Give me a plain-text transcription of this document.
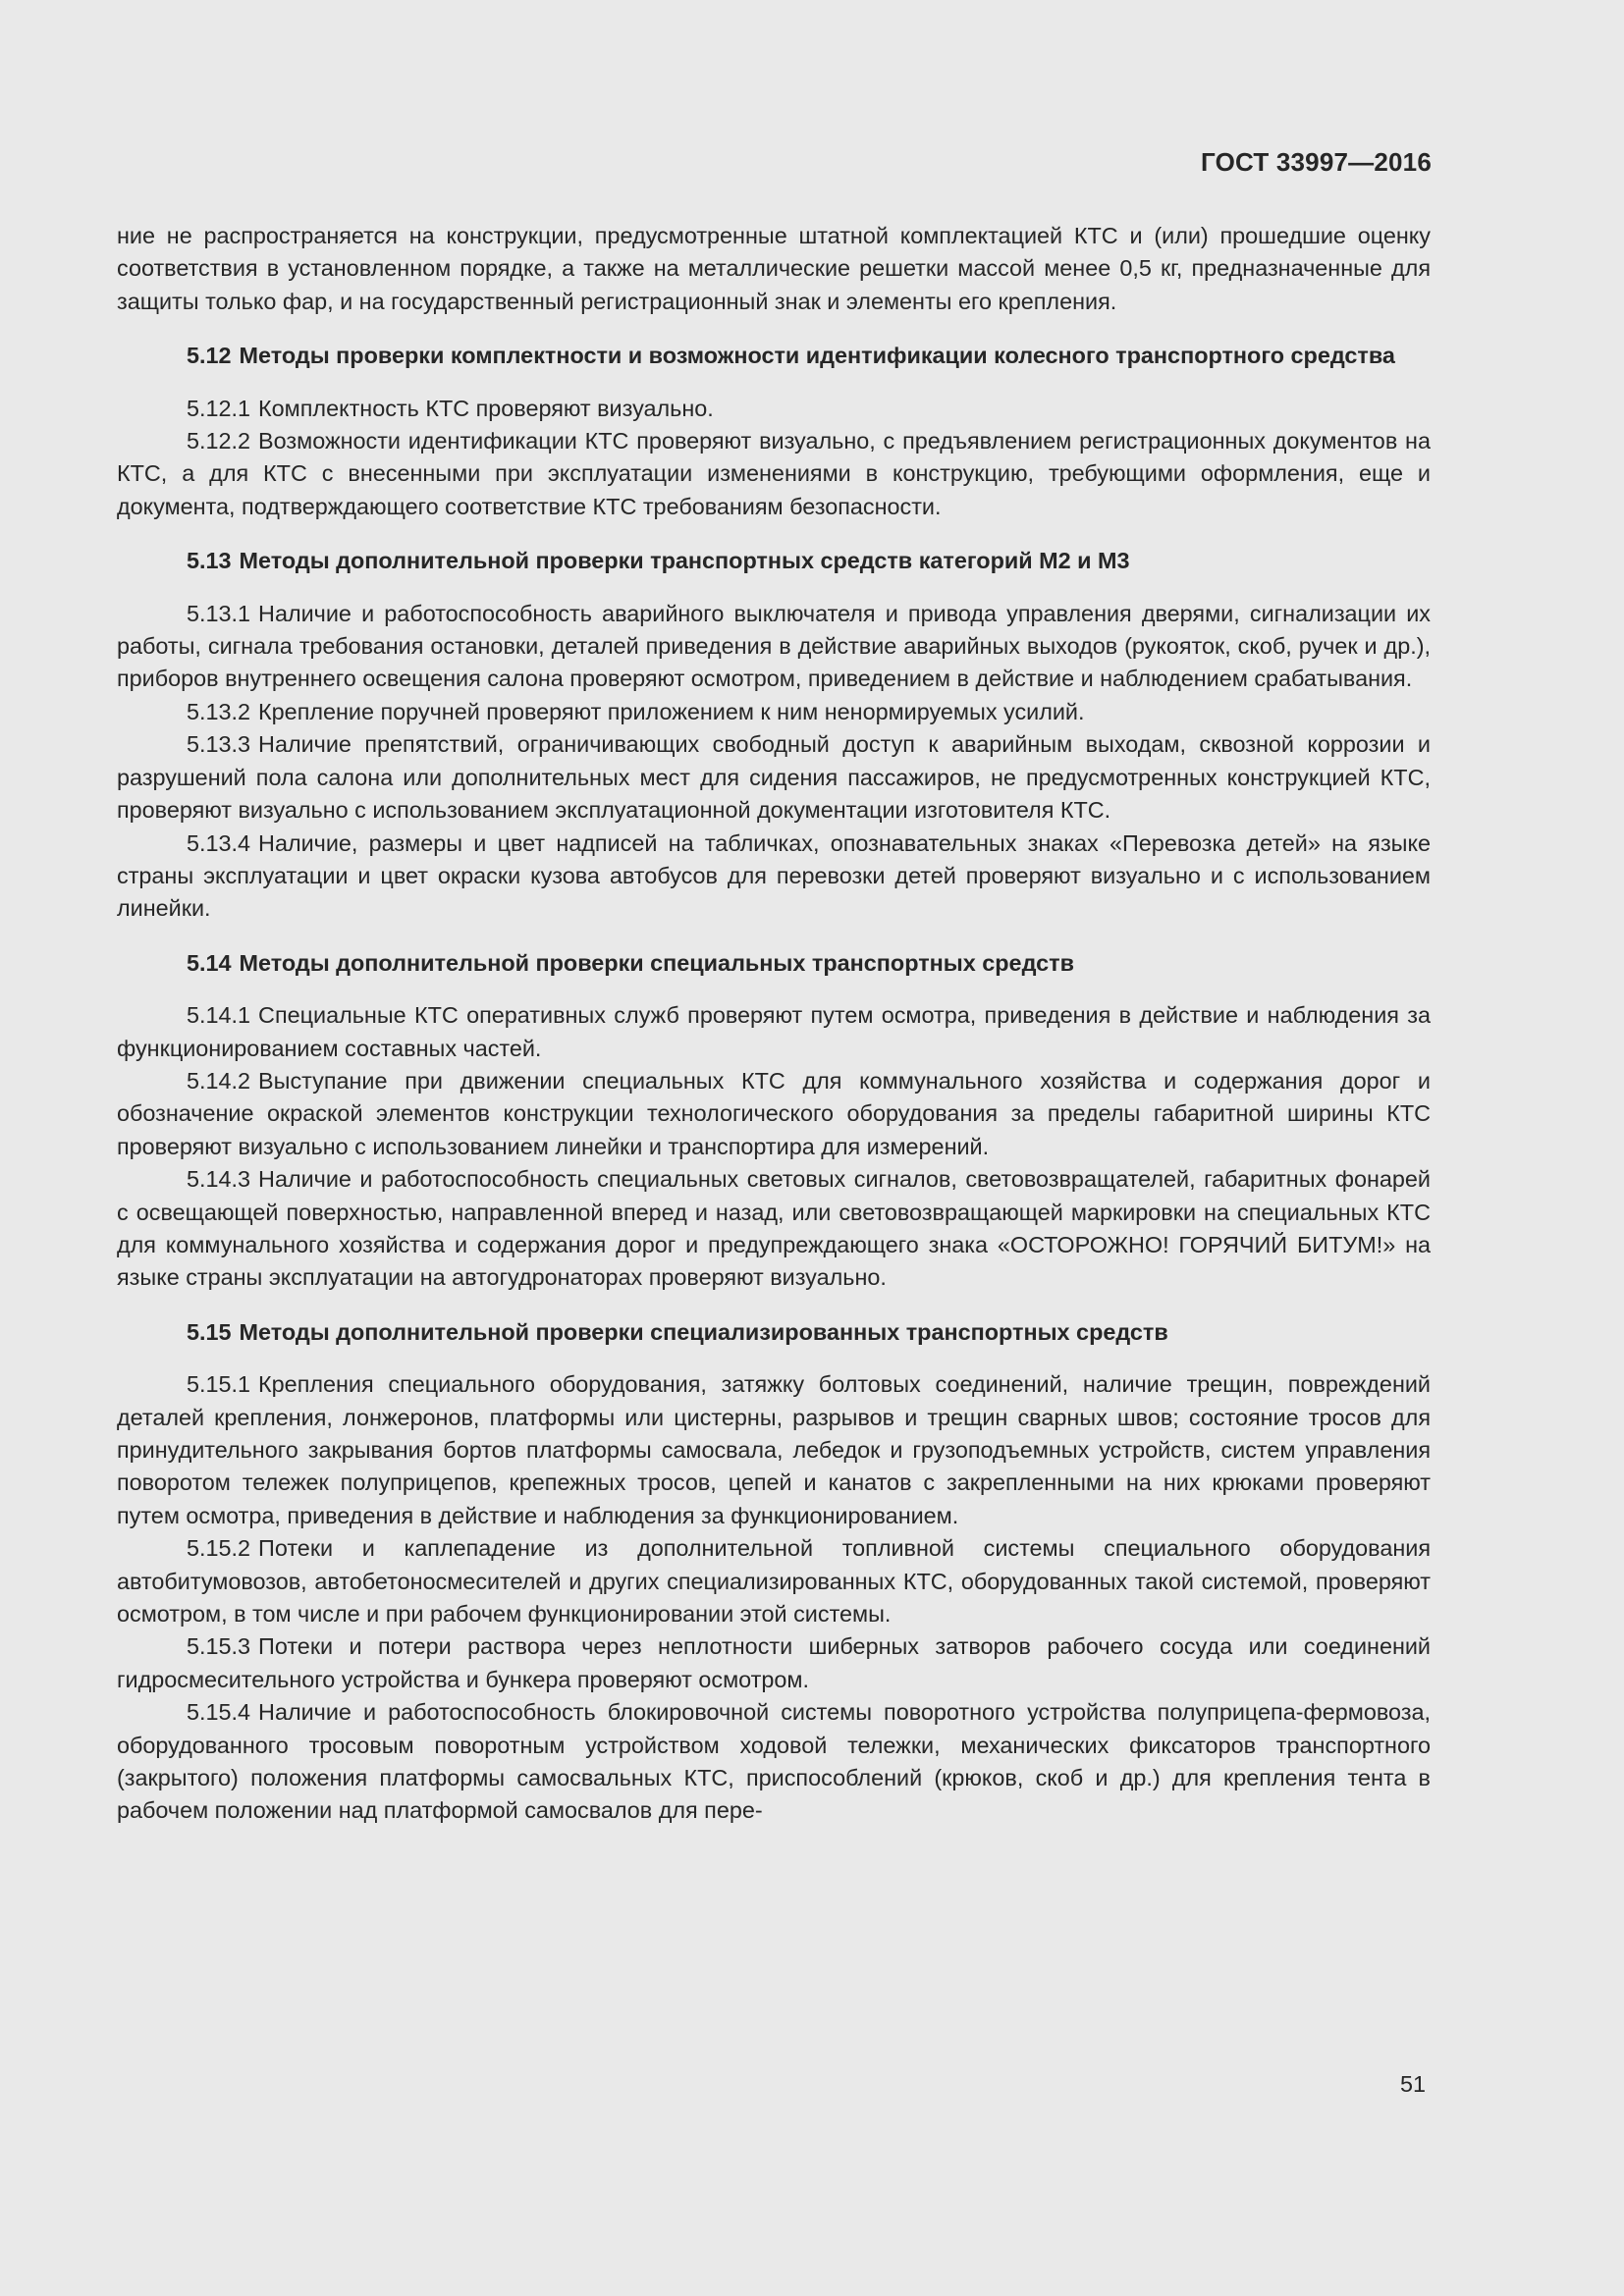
ГОСТ 33997—2016

ние не распространяется на конструкции, предусмотренные штатной комплектацией КТС и (или) прошедшие оценку соответствия в установленном порядке, а также на металлические решетки массой менее 0,5 кг, предназначенные для защиты только фар, и на государственный регистрационный знак и элементы его крепления.

5.12 Методы проверки комплектности и возможности идентификации колесного транспортного средства

5.12.1 Комплектность КТС проверяют визуально.

5.12.2 Возможности идентификации КТС проверяют визуально, с предъявлением регистрационных документов на КТС, а для КТС с внесенными при эксплуатации изменениями в конструкцию, требующими оформления, еще и документа, подтверждающего соответствие КТС требованиям безопасности.

5.13 Методы дополнительной проверки транспортных средств категорий М2 и М3

5.13.1 Наличие и работоспособность аварийного выключателя и привода управления дверями, сигнализации их работы, сигнала требования остановки, деталей приведения в действие аварийных выходов (рукояток, скоб, ручек и др.), приборов внутреннего освещения салона проверяют осмотром, приведением в действие и наблюдением срабатывания.

5.13.2 Крепление поручней проверяют приложением к ним ненормируемых усилий.

5.13.3 Наличие препятствий, ограничивающих свободный доступ к аварийным выходам, сквозной коррозии и разрушений пола салона или дополнительных мест для сидения пассажиров, не предусмотренных конструкцией КТС, проверяют визуально с использованием эксплуатационной документации изготовителя КТС.

5.13.4 Наличие, размеры и цвет надписей на табличках, опознавательных знаках «Перевозка детей» на языке страны эксплуатации и цвет окраски кузова автобусов для перевозки детей проверяют визуально и с использованием линейки.

5.14 Методы дополнительной проверки специальных транспортных средств

5.14.1 Специальные КТС оперативных служб проверяют путем осмотра, приведения в действие и наблюдения за функционированием составных частей.

5.14.2 Выступание при движении специальных КТС для коммунального хозяйства и содержания дорог и обозначение окраской элементов конструкции технологического оборудования за пределы габаритной ширины КТС проверяют визуально с использованием линейки и транспортира для измерений.

5.14.3 Наличие и работоспособность специальных световых сигналов, световозвращателей, габаритных фонарей с освещающей поверхностью, направленной вперед и назад, или световозвращающей маркировки на специальных КТС для коммунального хозяйства и содержания дорог и предупреждающего знака «ОСТОРОЖНО! ГОРЯЧИЙ БИТУМ!» на языке страны эксплуатации на автогудронаторах проверяют визуально.

5.15 Методы дополнительной проверки специализированных транспортных средств

5.15.1 Крепления специального оборудования, затяжку болтовых соединений, наличие трещин, повреждений деталей крепления, лонжеронов, платформы или цистерны, разрывов и трещин сварных швов; состояние тросов для принудительного закрывания бортов платформы самосвала, лебедок и грузоподъемных устройств, систем управления поворотом тележек полуприцепов, крепежных тросов, цепей и канатов с закрепленными на них крюками проверяют путем осмотра, приведения в действие и наблюдения за функционированием.

5.15.2 Потеки и каплепадение из дополнительной топливной системы специального оборудования автобитумовозов, автобетоносмесителей и других специализированных КТС, оборудованных такой системой, проверяют осмотром, в том числе и при рабочем функционировании этой системы.

5.15.3 Потеки и потери раствора через неплотности шиберных затворов рабочего сосуда или соединений гидросмесительного устройства и бункера проверяют осмотром.

5.15.4 Наличие и работоспособность блокировочной системы поворотного устройства полуприцепа-фермовоза, оборудованного тросовым поворотным устройством ходовой тележки, механических фиксаторов транспортного (закрытого) положения платформы самосвальных КТС, приспособлений (крюков, скоб и др.) для крепления тента в рабочем положении над платформой самосвалов для пере-

51
